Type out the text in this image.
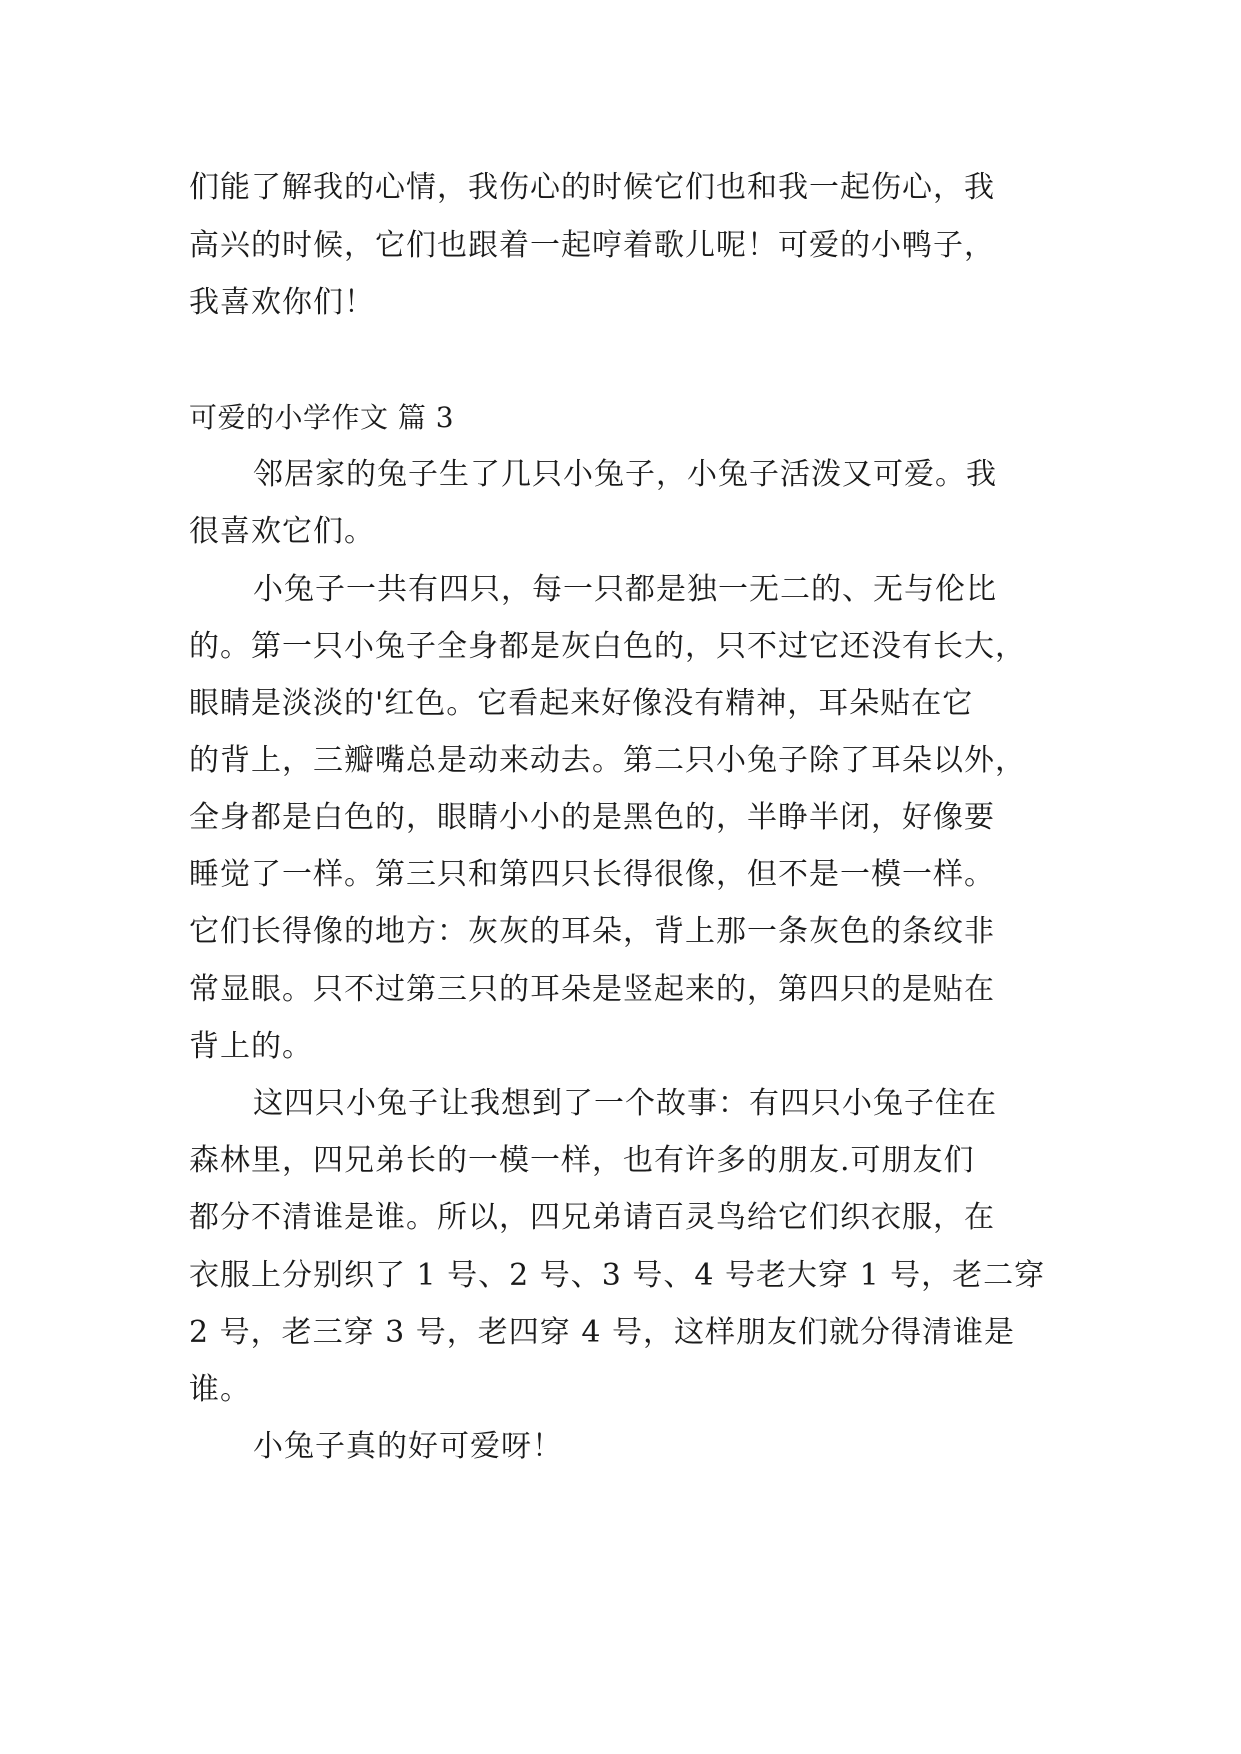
们能了解我的心情，我伤心的时候它们也和我一起伤心，我
高兴的时候，它们也跟着一起哼着歌儿呢！可爱的小鸭子，
我喜欢你们！
可爱的小学作文 篇 3
邻居家的兔子生了几只小兔子，小兔子活泼又可爱。我
很喜欢它们。
小兔子一共有四只，每一只都是独一无二的、无与伦比
的。第一只小兔子全身都是灰白色的，只不过它还没有长大，
眼睛是淡淡的'红色。它看起来好像没有精神，耳朵贴在它
的背上，三瓣嘴总是动来动去。第二只小兔子除了耳朵以外，
全身都是白色的，眼睛小小的是黑色的，半睁半闭，好像要
睡觉了一样。第三只和第四只长得很像，但不是一模一样。
它们长得像的地方：灰灰的耳朵，背上那一条灰色的条纹非
常显眼。只不过第三只的耳朵是竖起来的，第四只的是贴在
背上的。
这四只小兔子让我想到了一个故事：有四只小兔子住在
森林里，四兄弟长的一模一样，也有许多的朋友.可朋友们
都分不清谁是谁。所以，四兄弟请百灵鸟给它们织衣服，在
衣服上分别织了 1 号、2 号、3 号、4 号老大穿 1 号，老二穿
2 号，老三穿 3 号，老四穿 4 号，这样朋友们就分得清谁是
谁。
小兔子真的好可爱呀！
